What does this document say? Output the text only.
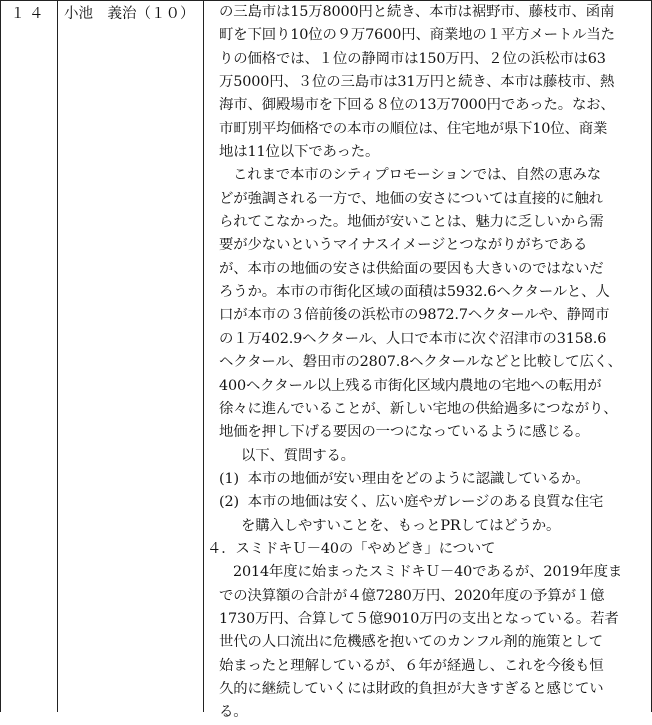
１４	小池　義治（１０）	の三島市は15万8000円と続き、本市は裾野市、藤枝市、函南
町を下回り10位の９万7600円、商業地の１平方メートル当た
りの価格では、１位の静岡市は150万円、２位の浜松市は63
万5000円、３位の三島市は31万円と続き、本市は藤枝市、熱
海市、御殿場市を下回る８位の13万7000円であった。なお、
市町別平均価格での本市の順位は、住宅地が県下10位、商業
地は11位以下であった。
これまで本市のシティプロモーションでは、自然の恵みな
どが強調される一方で、地価の安さについては直接的に触れ
られてこなかった。地価が安いことは、魅力に乏しいから需
要が少ないというマイナスイメージとつながりがちである
が、本市の地価の安さは供給面の要因も大きいのではないだ
ろうか。本市の市街化区域の面積は5932.6ヘクタールと、人
口が本市の３倍前後の浜松市の9872.7ヘクタールや、静岡市
の１万402.9ヘクタール、人口で本市に次ぐ沼津市の3158.6
ヘクタール、磐田市の2807.8ヘクタールなどと比較して広く、
400ヘクタール以上残る市街化区域内農地の宅地への転用が
徐々に進んでいることが、新しい宅地の供給過多につながり、
地価を押し下げる要因の一つになっているように感じる。
以下、質問する。
(1)  本市の地価が安い理由をどのように認識しているか。
(2)  本市の地価は安く、広い庭やガレージのある良質な住宅
を購入しやすいことを、もっとPRしてはどうか。
４．スミドキＵ－40の「やめどき」について
2014年度に始まったスミドキＵ－40であるが、2019年度ま
での決算額の合計が４億7280万円、2020年度の予算が１億
1730万円、合算して５億9010万円の支出となっている。若者
世代の人口流出に危機感を抱いてのカンフル剤的施策として
始まったと理解しているが、６年が経過し、これを今後も恒
久的に継続していくには財政的負担が大きすぎると感じてい
る。
